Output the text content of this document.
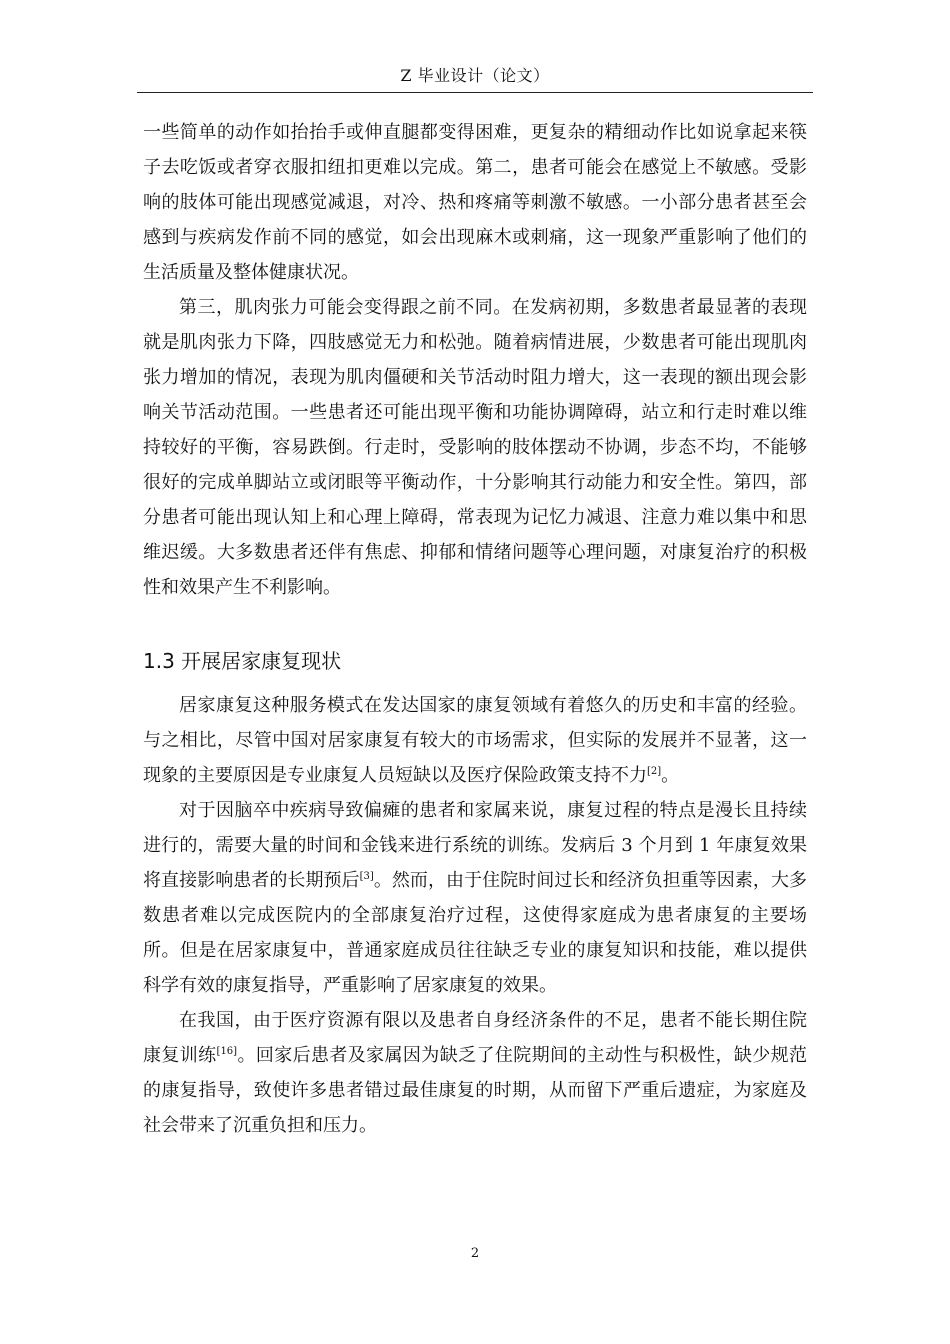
Z 毕业设计（论文）

一些简单的动作如抬抬手或伸直腿都变得困难，更复杂的精细动作比如说拿起来筷子去吃饭或者穿衣服扣纽扣更难以完成。第二，患者可能会在感觉上不敏感。受影响的肢体可能出现感觉减退，对冷、热和疼痛等刺激不敏感。一小部分患者甚至会感到与疾病发作前不同的感觉，如会出现麻木或刺痛，这一现象严重影响了他们的生活质量及整体健康状况。

第三，肌肉张力可能会变得跟之前不同。在发病初期，多数患者最显著的表现就是肌肉张力下降，四肢感觉无力和松弛。随着病情进展，少数患者可能出现肌肉张力增加的情况，表现为肌肉僵硬和关节活动时阻力增大，这一表现的额出现会影响关节活动范围。一些患者还可能出现平衡和功能协调障碍，站立和行走时难以维持较好的平衡，容易跌倒。行走时，受影响的肢体摆动不协调，步态不均，不能够很好的完成单脚站立或闭眼等平衡动作，十分影响其行动能力和安全性。第四，部分患者可能出现认知上和心理上障碍，常表现为记忆力减退、注意力难以集中和思维迟缓。大多数患者还伴有焦虑、抑郁和情绪问题等心理问题，对康复治疗的积极性和效果产生不利影响。

1.3 开展居家康复现状

居家康复这种服务模式在发达国家的康复领域有着悠久的历史和丰富的经验。与之相比，尽管中国对居家康复有较大的市场需求，但实际的发展并不显著，这一现象的主要原因是专业康复人员短缺以及医疗保险政策支持不力[2]。

对于因脑卒中疾病导致偏瘫的患者和家属来说，康复过程的特点是漫长且持续进行的，需要大量的时间和金钱来进行系统的训练。发病后 3 个月到 1 年康复效果将直接影响患者的长期预后[3]。然而，由于住院时间过长和经济负担重等因素，大多数患者难以完成医院内的全部康复治疗过程，这使得家庭成为患者康复的主要场所。但是在居家康复中，普通家庭成员往往缺乏专业的康复知识和技能，难以提供科学有效的康复指导，严重影响了居家康复的效果。

在我国，由于医疗资源有限以及患者自身经济条件的不足，患者不能长期住院康复训练[16]。回家后患者及家属因为缺乏了住院期间的主动性与积极性，缺少规范的康复指导，致使许多患者错过最佳康复的时期，从而留下严重后遗症，为家庭及社会带来了沉重负担和压力。

2
